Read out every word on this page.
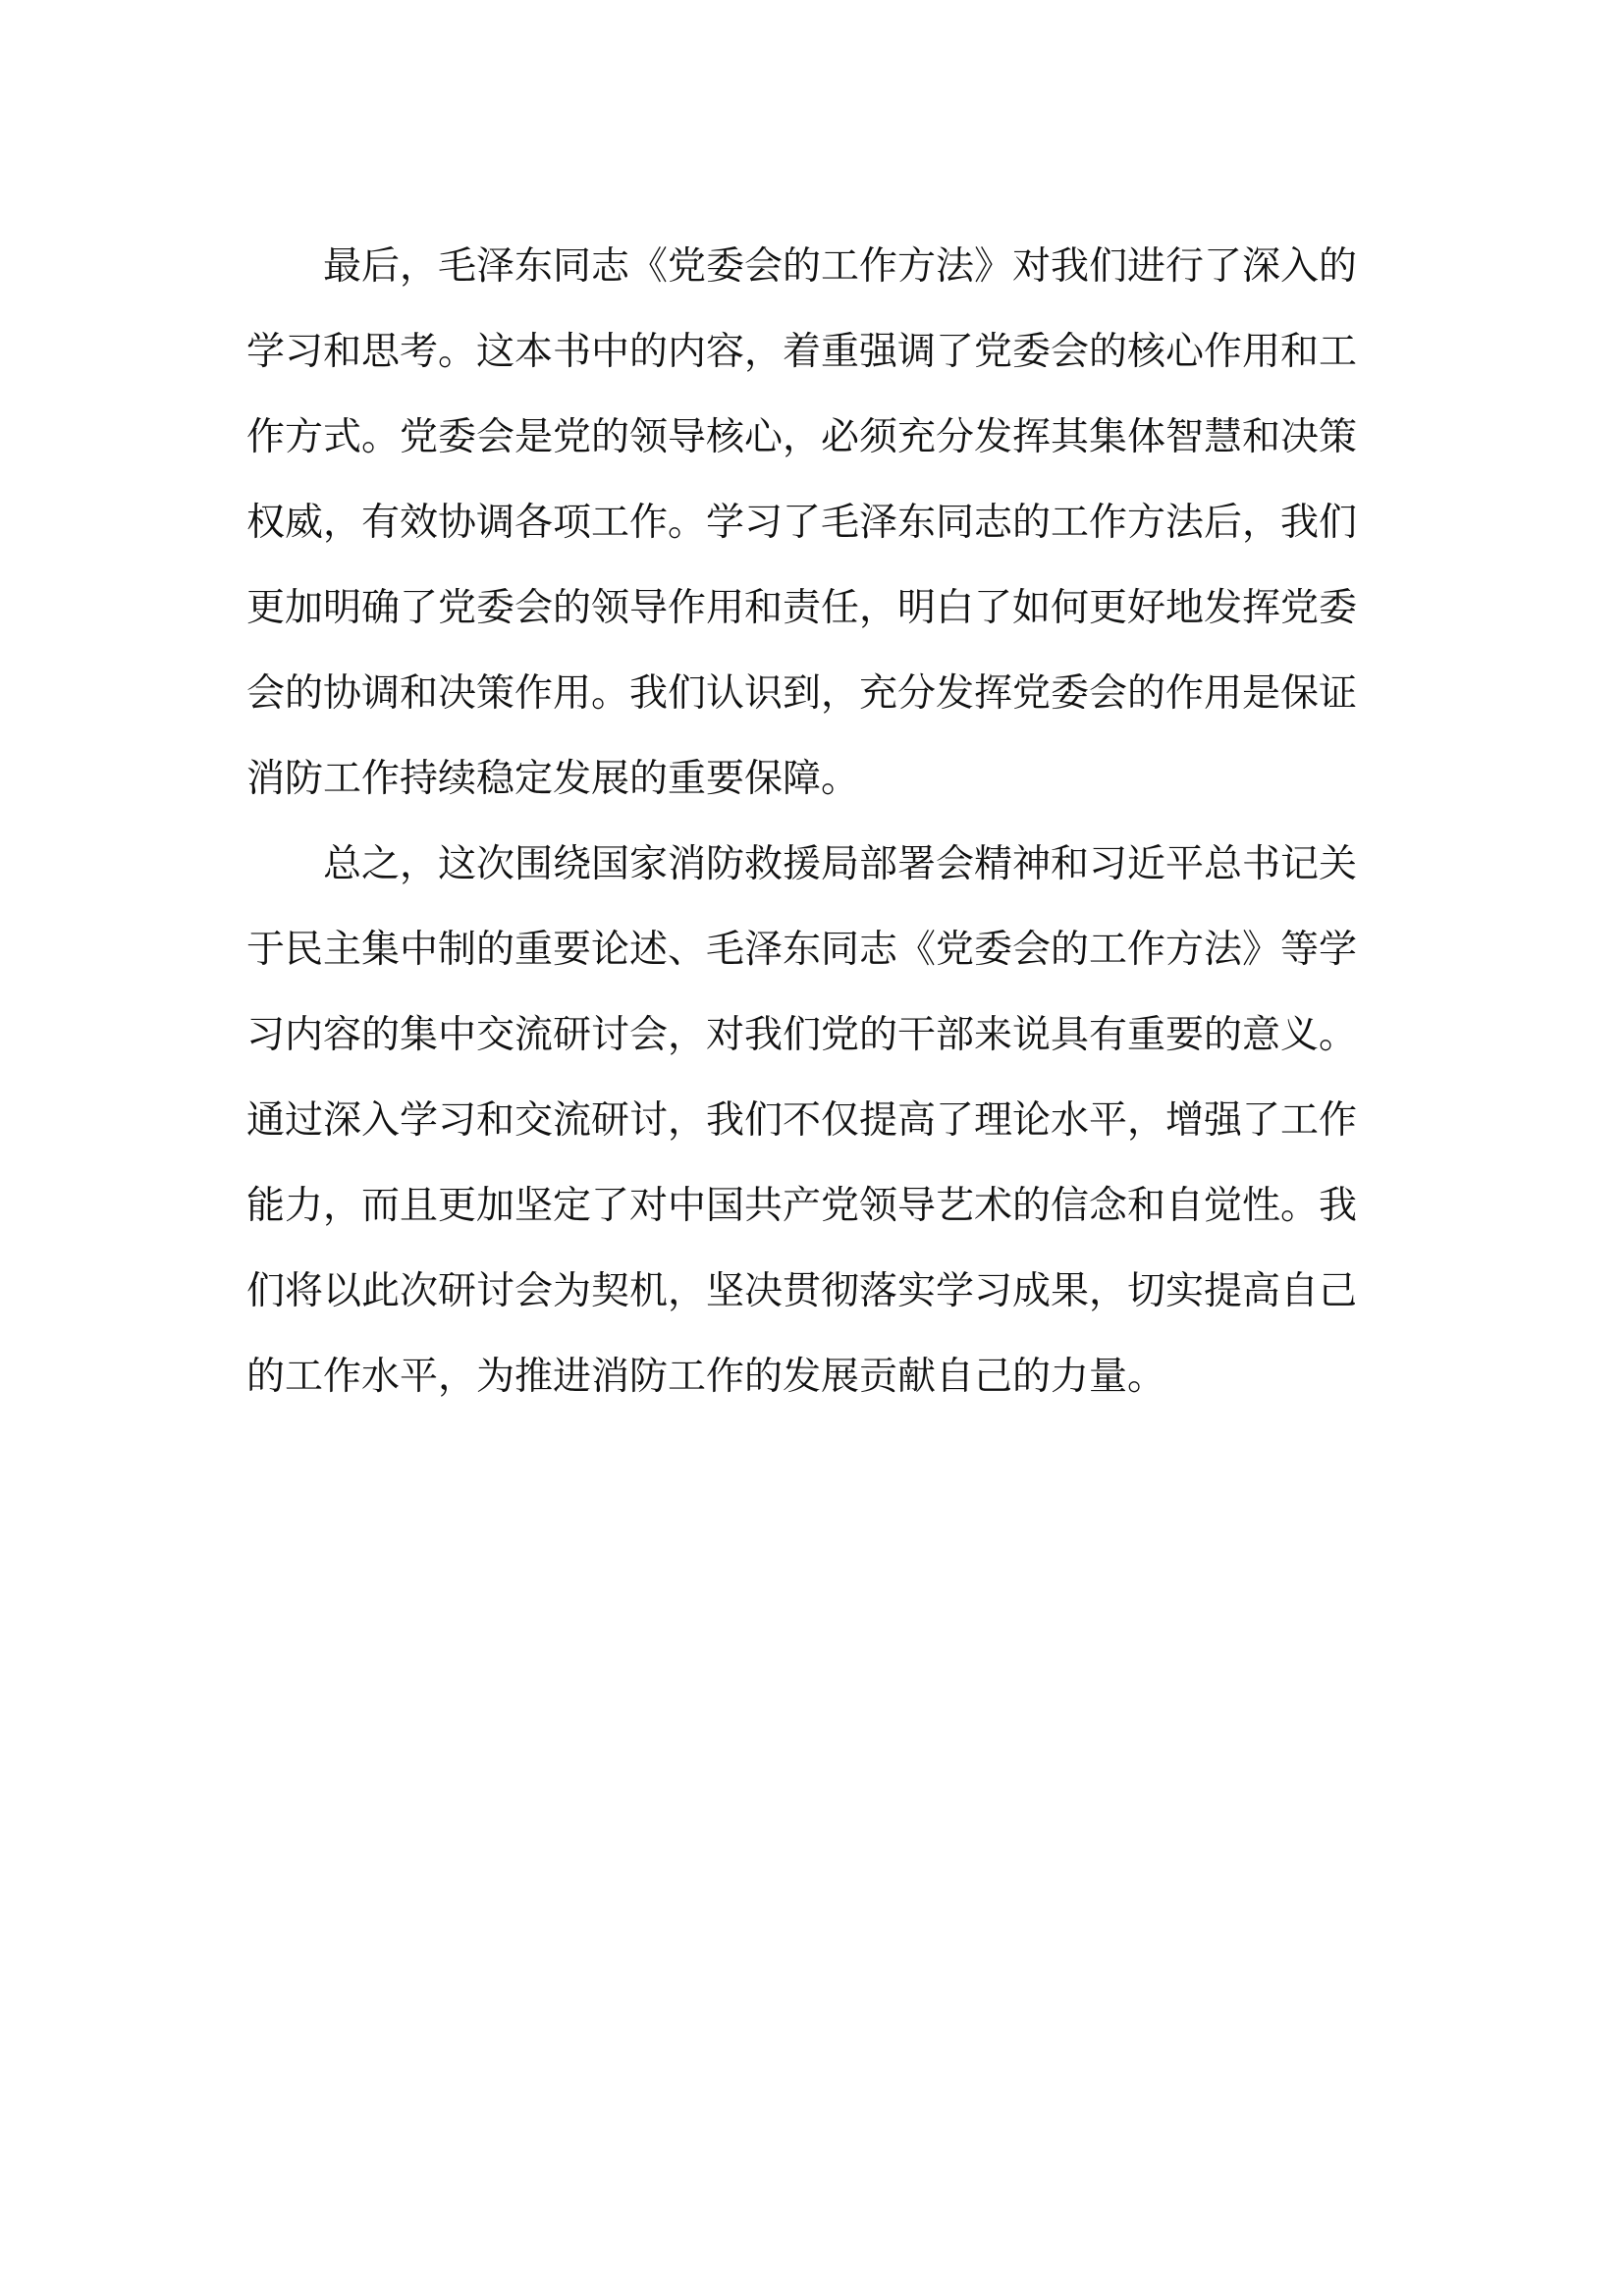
最后，毛泽东同志《党委会的工作方法》对我们进行了深入的
学习和思考。这本书中的内容，着重强调了党委会的核心作用和工
作方式。党委会是党的领导核心，必须充分发挥其集体智慧和决策
权威，有效协调各项工作。学习了毛泽东同志的工作方法后，我们
更加明确了党委会的领导作用和责任，明白了如何更好地发挥党委
会的协调和决策作用。我们认识到，充分发挥党委会的作用是保证
消防工作持续稳定发展的重要保障。
总之，这次围绕国家消防救援局部署会精神和习近平总书记关
于民主集中制的重要论述、毛泽东同志《党委会的工作方法》等学
习内容的集中交流研讨会，对我们党的干部来说具有重要的意义。
通过深入学习和交流研讨，我们不仅提高了理论水平，增强了工作
能力，而且更加坚定了对中国共产党领导艺术的信念和自觉性。我
们将以此次研讨会为契机，坚决贯彻落实学习成果，切实提高自己
的工作水平，为推进消防工作的发展贡献自己的力量。
